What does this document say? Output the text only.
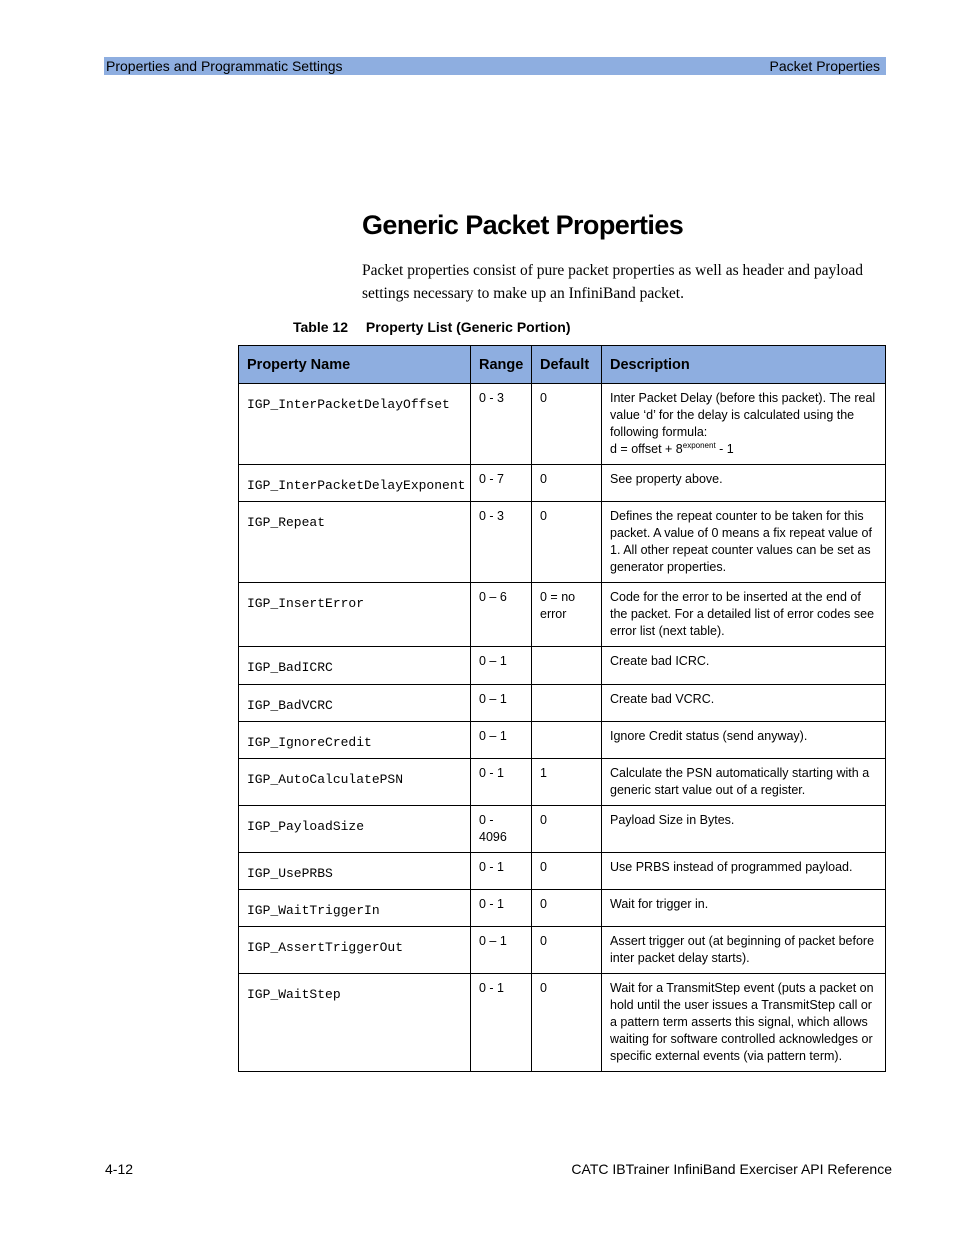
Properties and Programmatic Settings	Packet Properties
Generic Packet Properties

Packet properties consist of pure packet properties as well as header and payload settings necessary to make up an InfiniBand packet.

Table 12 Property List (Generic Portion)
Property Name	Range	Default	Description
IGP_InterPacketDelayOffset	0 - 3	0	Inter Packet Delay (before this packet). The real value ‘d’ for the delay is calculated using the following formula:
d = offset + $8^{exponent} - 1$
IGP_InterPacketDelayExponent	0 - 7	0	See property above.
IGP_Repeat	0 - 3	0	Defines the repeat counter to be taken for this packet. A value of 0 means a fix repeat value of 1. All other repeat counter values can be set as generator properties.
IGP_InsertError	0 – 6	0 = no error	Code for the error to be inserted at the end of the packet. For a detailed list of error codes see error list (next table).
IGP_BadICRC	0 – 1		Create bad ICRC.
IGP_BadVCRC	0 – 1		Create bad VCRC.
IGP_IgnoreCredit	0 – 1		Ignore Credit status (send anyway).
IGP_AutoCalculatePSN	0 - 1	1	Calculate the PSN automatically starting with a generic start value out of a register.
IGP_PayloadSize	0 - 4096	0	Payload Size in Bytes.
IGP_UsePRBS	0 - 1	0	Use PRBS instead of programmed payload.
IGP_WaitTriggerIn	0 - 1	0	Wait for trigger in.
IGP_AssertTriggerOut	0 – 1	0	Assert trigger out (at beginning of packet before inter packet delay starts).
IGP_WaitStep	0 - 1	0	Wait for a TransmitStep event (puts a packet on hold until the user issues a TransmitStep call or a pattern term asserts this signal, which allows waiting for software controlled acknowledges or specific external events (via pattern term).
4-12	CATC IBTrainer InfiniBand Exerciser API Reference
